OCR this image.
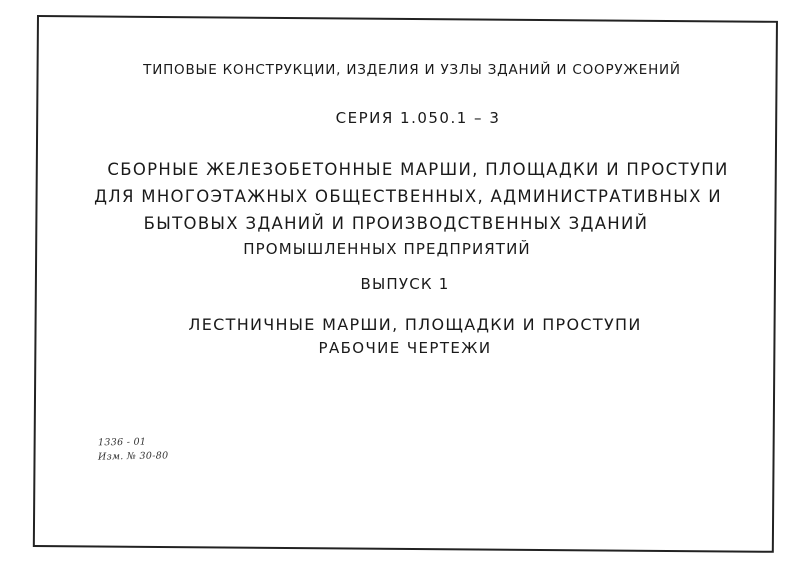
ТИПОВЫЕ КОНСТРУКЦИИ, ИЗДЕЛИЯ И УЗЛЫ ЗДАНИЙ И СООРУЖЕНИЙ
СЕРИЯ 1.050.1 – 3
СБОРНЫЕ ЖЕЛЕЗОБЕТОННЫЕ МАРШИ, ПЛОЩАДКИ И ПРОСТУПИ
ДЛЯ МНОГОЭТАЖНЫХ ОБЩЕСТВЕННЫХ, АДМИНИСТРАТИВНЫХ И
БЫТОВЫХ ЗДАНИЙ И ПРОИЗВОДСТВЕННЫХ ЗДАНИЙ
ПРОМЫШЛЕННЫХ ПРЕДПРИЯТИЙ
ВЫПУСК 1
ЛЕСТНИЧНЫЕ МАРШИ, ПЛОЩАДКИ И ПРОСТУПИ
РАБОЧИЕ ЧЕРТЕЖИ
1336 - 01
Изм. № 30-80
